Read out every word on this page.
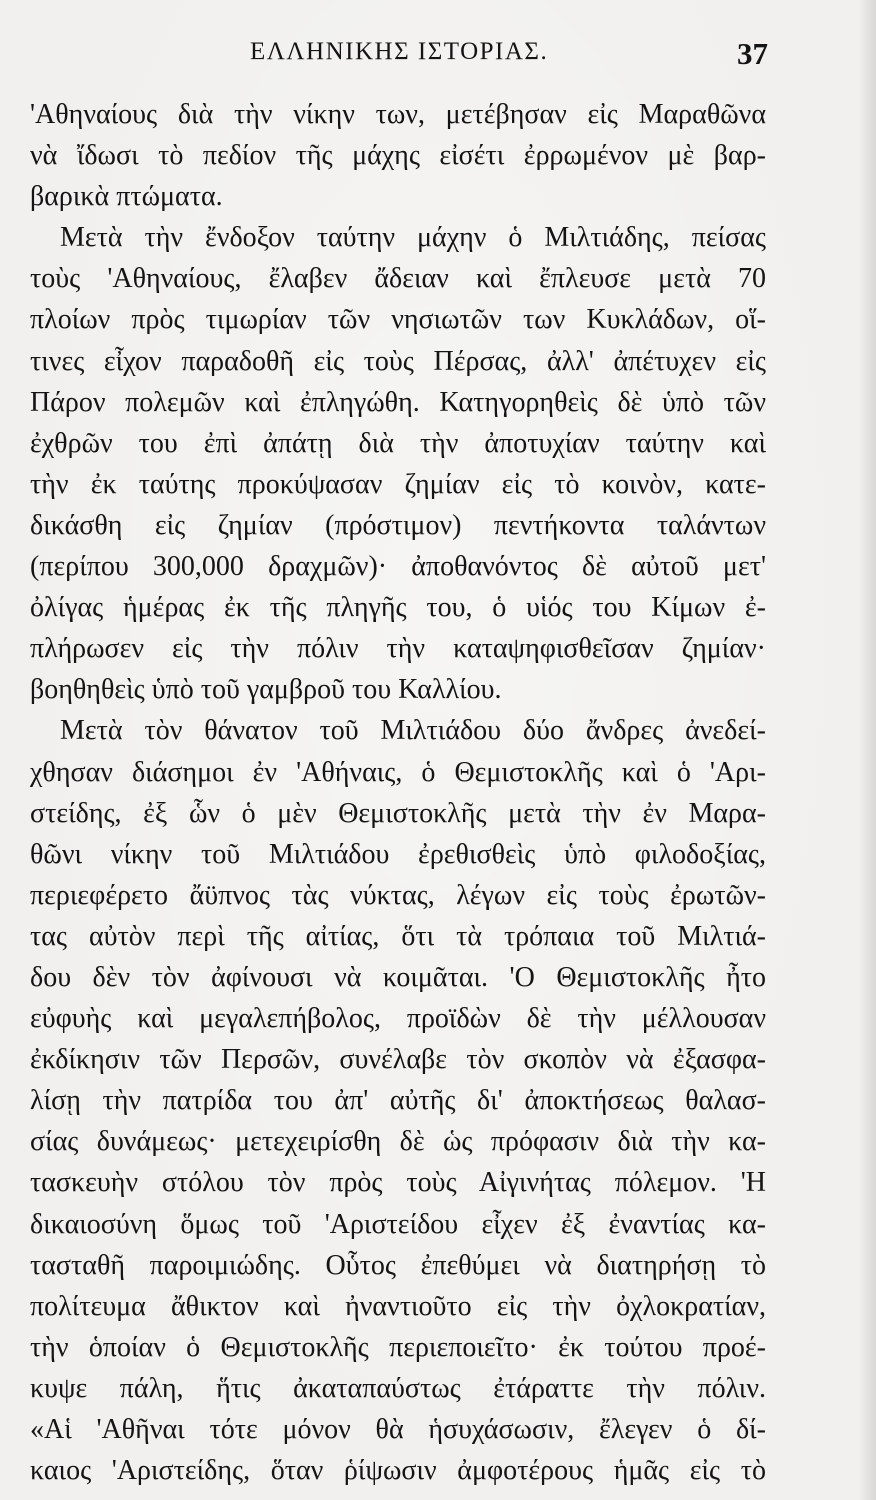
ΕΛΛΗΝΙΚΗΣ ΙΣΤΟΡΙΑΣ.	37
'Αθηναίους διὰ τὴν νίκην των, μετέβησαν εἰς Μαραθῶνα
νὰ ἴδωσι τὸ πεδίον τῆς μάχης εἰσέτι ἐρρωμένον μὲ βαρ-
βαρικὰ πτώματα.
Μετὰ τὴν ἔνδοξον ταύτην μάχην ὁ Μιλτιάδης, πείσας
τοὺς 'Αθηναίους, ἔλαβεν ἄδειαν καὶ ἔπλευσε μετὰ 70
πλοίων πρὸς τιμωρίαν τῶν νησιωτῶν των Κυκλάδων, οἵ-
τινες εἶχον παραδοθῆ εἰς τοὺς Πέρσας, ἀλλ' ἀπέτυχεν εἰς
Πάρον πολεμῶν καὶ ἐπληγώθη. Κατηγορηθεὶς δὲ ὑπὸ τῶν
ἐχθρῶν του ἐπὶ ἀπάτῃ διὰ τὴν ἀποτυχίαν ταύτην καὶ
τὴν ἐκ ταύτης προκύψασαν ζημίαν εἰς τὸ κοινὸν, κατε-
δικάσθη εἰς ζημίαν (πρόστιμον) πεντήκοντα ταλάντων
(περίπου 300,000 δραχμῶν)· ἀποθανόντος δὲ αὐτοῦ μετ'
ὀλίγας ἡμέρας ἐκ τῆς πληγῆς του, ὁ υἱός του Κίμων ἐ-
πλήρωσεν εἰς τὴν πόλιν τὴν καταψηφισθεῖσαν ζημίαν·
βοηθηθεὶς ὑπὸ τοῦ γαμβροῦ του Καλλίου.
Μετὰ τὸν θάνατον τοῦ Μιλτιάδου δύο ἄνδρες ἀνεδεί-
χθησαν διάσημοι ἐν 'Αθήναις, ὁ Θεμιστοκλῆς καὶ ὁ 'Αρι-
στείδης, ἐξ ὧν ὁ μὲν Θεμιστοκλῆς μετὰ τὴν ἐν Μαρα-
θῶνι νίκην τοῦ Μιλτιάδου ἐρεθισθεὶς ὑπὸ φιλοδοξίας,
περιεφέρετο ἄϋπνος τὰς νύκτας, λέγων εἰς τοὺς ἐρωτῶν-
τας αὐτὸν περὶ τῆς αἰτίας, ὅτι τὰ τρόπαια τοῦ Μιλτιά-
δου δὲν τὸν ἀφίνουσι νὰ κοιμᾶται. 'Ο Θεμιστοκλῆς ἦτο
εὐφυὴς καὶ μεγαλεπήβολος, προϊδὼν δὲ τὴν μέλλουσαν
ἐκδίκησιν τῶν Περσῶν, συνέλαβε τὸν σκοπὸν νὰ ἐξασφα-
λίσῃ τὴν πατρίδα του ἀπ' αὐτῆς δι' ἀποκτήσεως θαλασ-
σίας δυνάμεως· μετεχειρίσθη δὲ ὡς πρόφασιν διὰ τὴν κα-
τασκευὴν στόλου τὸν πρὸς τοὺς Αἰγινήτας πόλεμον. 'Η
δικαιοσύνη ὅμως τοῦ 'Αριστείδου εἶχεν ἐξ ἐναντίας κα-
τασταθῆ παροιμιώδης. Οὗτος ἐπεθύμει νὰ διατηρήσῃ τὸ
πολίτευμα ἄθικτον καὶ ἠναντιοῦτο εἰς τὴν ὀχλοκρατίαν,
τὴν ὁποίαν ὁ Θεμιστοκλῆς περιεποιεῖτο· ἐκ τούτου προέ-
κυψε πάλη, ἥτις ἀκαταπαύστως ἐτάραττε τὴν πόλιν.
«Αἱ 'Αθῆναι τότε μόνον θὰ ἡσυχάσωσιν, ἔλεγεν ὁ δί-
καιος 'Αριστείδης, ὅταν ῥίψωσιν ἀμφοτέρους ἡμᾶς εἰς τὸ
